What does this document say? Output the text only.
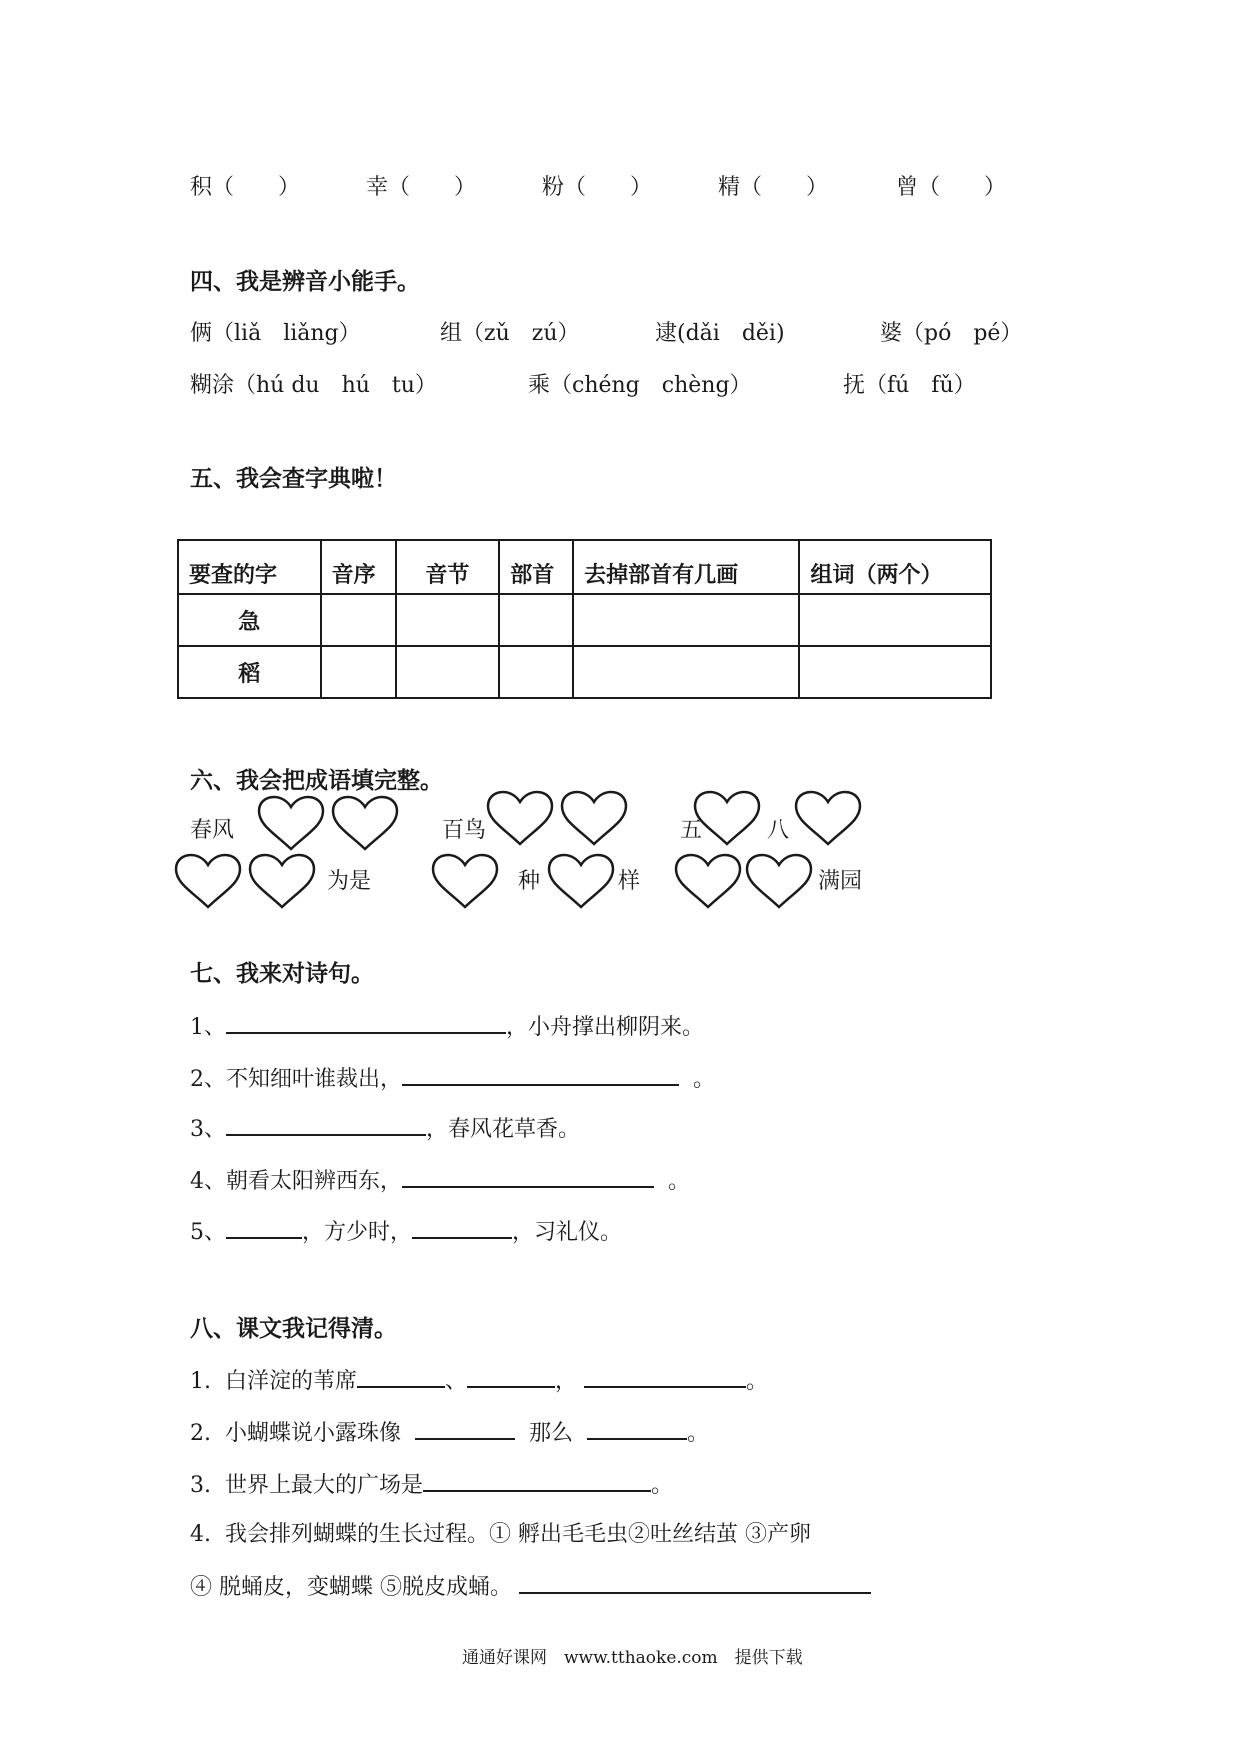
积（　　）	幸（　　）	粉（　　）	精（　　）	曾（　　）
四、我是辨音小能手。
俩（liǎ　liǎng）	组（zǔ　zú）	逮(dǎi　děi)	婆（pó　pé）
糊涂（hú du　hú　tu）	乘（chéng　chèng）	抚（fú　fǔ）
五、我会查字典啦！
要查的字	音序	音节	部首	去掉部首有几画	组词（两个）
急					
稻					
六、我会把成语填完整。
春风	百鸟	五	八
为是	种	样	满园
七、我来对诗句。
1、	，小舟撑出柳阴来。
2、不知细叶谁裁出，	。
3、	，春风花草香。
4、朝看太阳辨西东，	。
5、	，方少时，	，习礼仪。
八、课文我记得清。
1. 白洋淀的苇席	、	，	。
2. 小蝴蝶说小露珠像	那么	。
3. 世界上最大的广场是	。
4. 我会排列蝴蝶的生长过程。① 孵出毛毛虫②吐丝结茧 ③产卵
④ 脱蛹皮，变蝴蝶 ⑤脱皮成蛹。
通通好课网　www.tthaoke.com　提供下载
